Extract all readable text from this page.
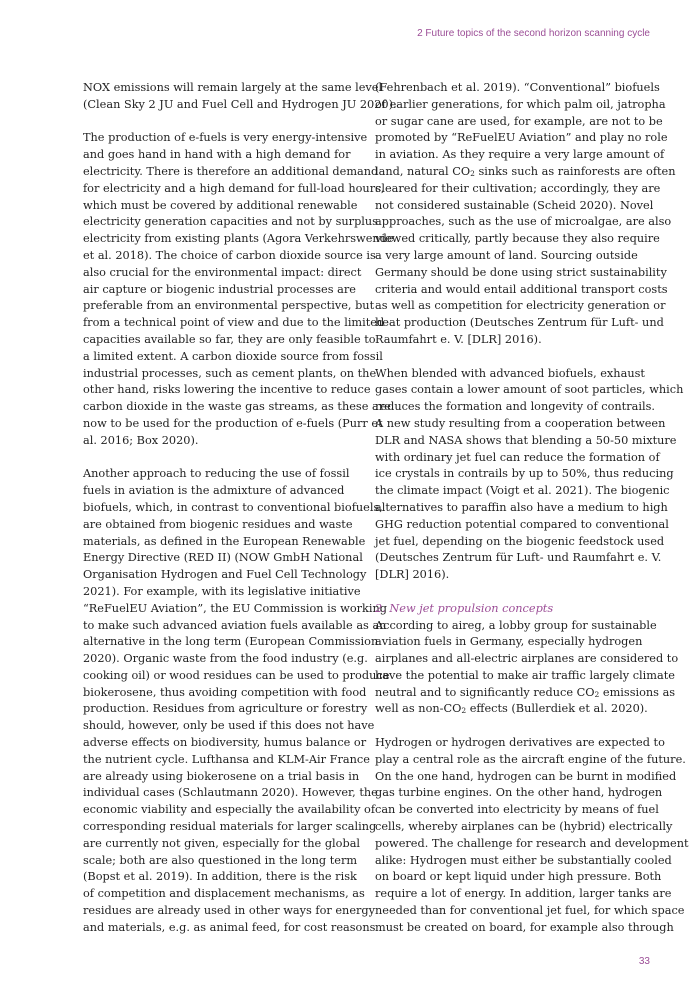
2 Future topics of the second horizon scanning cycle

NOX emissions will remain largely at the same level
(Clean Sky 2 JU and Fuel Cell and Hydrogen JU 2020).

The production of e-fuels is very energy-intensive
and goes hand in hand with a high demand for
electricity. There is therefore an additional demand
for electricity and a high demand for full-load hours,
which must be covered by additional renewable
electricity generation capacities and not by surplus
electricity from existing plants (Agora Verkehrswende
et al. 2018). The choice of carbon dioxide source is
also crucial for the environmental impact: direct
air capture or biogenic industrial processes are
preferable from an environmental perspective, but
from a technical point of view and due to the limited
capacities available so far, they are only feasible to
a limited extent. A carbon dioxide source from fossil
industrial processes, such as cement plants, on the
other hand, risks lowering the incentive to reduce
carbon dioxide in the waste gas streams, as these are
now to be used for the production of e-fuels (Purr et
al. 2016; Box 2020).

Another approach to reducing the use of fossil
fuels in aviation is the admixture of advanced
biofuels, which, in contrast to conventional biofuels,
are obtained from biogenic residues and waste
materials, as defined in the European Renewable
Energy Directive (RED II) (NOW GmbH National
Organisation Hydrogen and Fuel Cell Technology
2021). For example, with its legislative initiative
“ReFuelEU Aviation”, the EU Commission is working
to make such advanced aviation fuels available as an
alternative in the long term (European Commission
2020). Organic waste from the food industry (e.g.
cooking oil) or wood residues can be used to produce
biokerosene, thus avoiding competition with food
production. Residues from agriculture or forestry
should, however, only be used if this does not have
adverse effects on biodiversity, humus balance or
the nutrient cycle. Lufthansa and KLM-Air France
are already using biokerosene on a trial basis in
individual cases (Schlautmann 2020). However, the
economic viability and especially the availability of
corresponding residual materials for larger scaling
are currently not given, especially for the global
scale; both are also questioned in the long term
(Bopst et al. 2019). In addition, there is the risk
of competition and displacement mechanisms, as
residues are already used in other ways for energy
and materials, e.g. as animal feed, for cost reasons

(Fehrenbach et al. 2019). “Conventional” biofuels
of earlier generations, for which palm oil, jatropha
or sugar cane are used, for example, are not to be
promoted by “ReFuelEU Aviation” and play no role
in aviation. As they require a very large amount of
land, natural $CO_2$ sinks such as rainforests are often
cleared for their cultivation; accordingly, they are
not considered sustainable (Scheid 2020). Novel
approaches, such as the use of microalgae, are also
viewed critically, partly because they also require
a very large amount of land. Sourcing outside
Germany should be done using strict sustainability
criteria and would entail additional transport costs
as well as competition for electricity generation or
heat production (Deutsches Zentrum für Luft- und
Raumfahrt e. V. [DLR] 2016).

When blended with advanced biofuels, exhaust
gases contain a lower amount of soot particles, which
reduces the formation and longevity of contrails.
A new study resulting from a cooperation between
DLR and NASA shows that blending a 50-50 mixture
with ordinary jet fuel can reduce the formation of
ice crystals in contrails by up to 50%, thus reducing
the climate impact (Voigt et al. 2021). The biogenic
alternatives to paraffin also have a medium to high
GHG reduction potential compared to conventional
jet fuel, depending on the biogenic feedstock used
(Deutsches Zentrum für Luft- und Raumfahrt e. V.
[DLR] 2016).

2. New jet propulsion concepts
According to aireg, a lobby group for sustainable
aviation fuels in Germany, especially hydrogen
airplanes and all-electric airplanes are considered to
have the potential to make air traffic largely climate
neutral and to significantly reduce $CO_2$ emissions as
well as non-$CO_2$ effects (Bullerdiek et al. 2020).

Hydrogen or hydrogen derivatives are expected to
play a central role as the aircraft engine of the future.
On the one hand, hydrogen can be burnt in modified
gas turbine engines. On the other hand, hydrogen
can be converted into electricity by means of fuel
cells, whereby airplanes can be (hybrid) electrically
powered. The challenge for research and development
alike: Hydrogen must either be substantially cooled
on board or kept liquid under high pressure. Both
require a lot of energy. In addition, larger tanks are
needed than for conventional jet fuel, for which space
must be created on board, for example also through

33
